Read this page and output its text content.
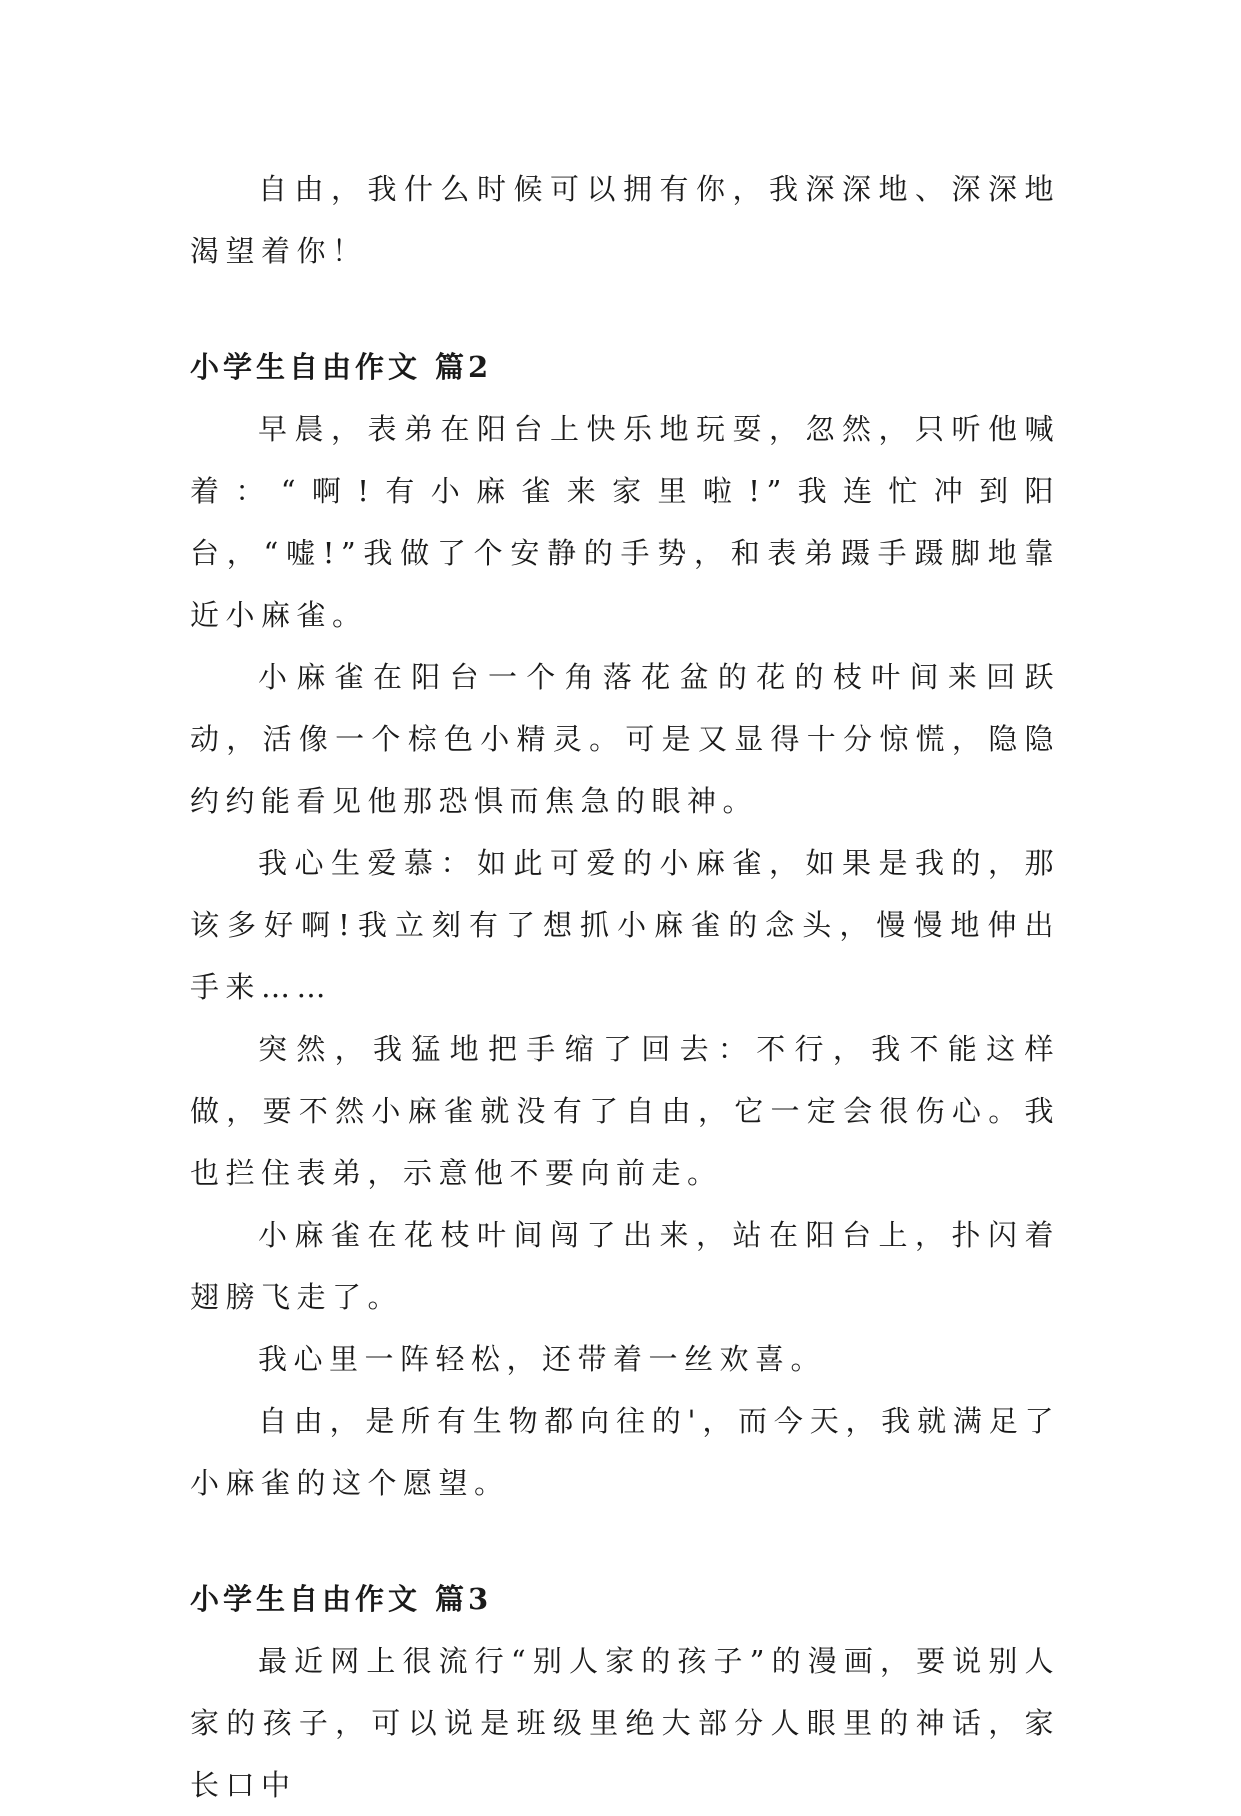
自由，我什么时候可以拥有你，我深深地、深深地渴望着你！

小学生自由作文 篇2

早晨，表弟在阳台上快乐地玩耍，忽然，只听他喊着：“啊!有小麻雀来家里啦!”我连忙冲到阳台，“嘘!”我做了个安静的手势，和表弟蹑手蹑脚地靠近小麻雀。

小麻雀在阳台一个角落花盆的花的枝叶间来回跃动，活像一个棕色小精灵。可是又显得十分惊慌，隐隐约约能看见他那恐惧而焦急的眼神。

我心生爱慕：如此可爱的小麻雀，如果是我的，那该多好啊!我立刻有了想抓小麻雀的念头，慢慢地伸出手来……

突然，我猛地把手缩了回去：不行，我不能这样做，要不然小麻雀就没有了自由，它一定会很伤心。我也拦住表弟，示意他不要向前走。

小麻雀在花枝叶间闯了出来，站在阳台上，扑闪着翅膀飞走了。

我心里一阵轻松，还带着一丝欢喜。

自由，是所有生物都向往的'，而今天，我就满足了小麻雀的这个愿望。

小学生自由作文 篇3

最近网上很流行“别人家的孩子”的漫画，要说别人家的孩子，可以说是班级里绝大部分人眼里的神话，家长口中
